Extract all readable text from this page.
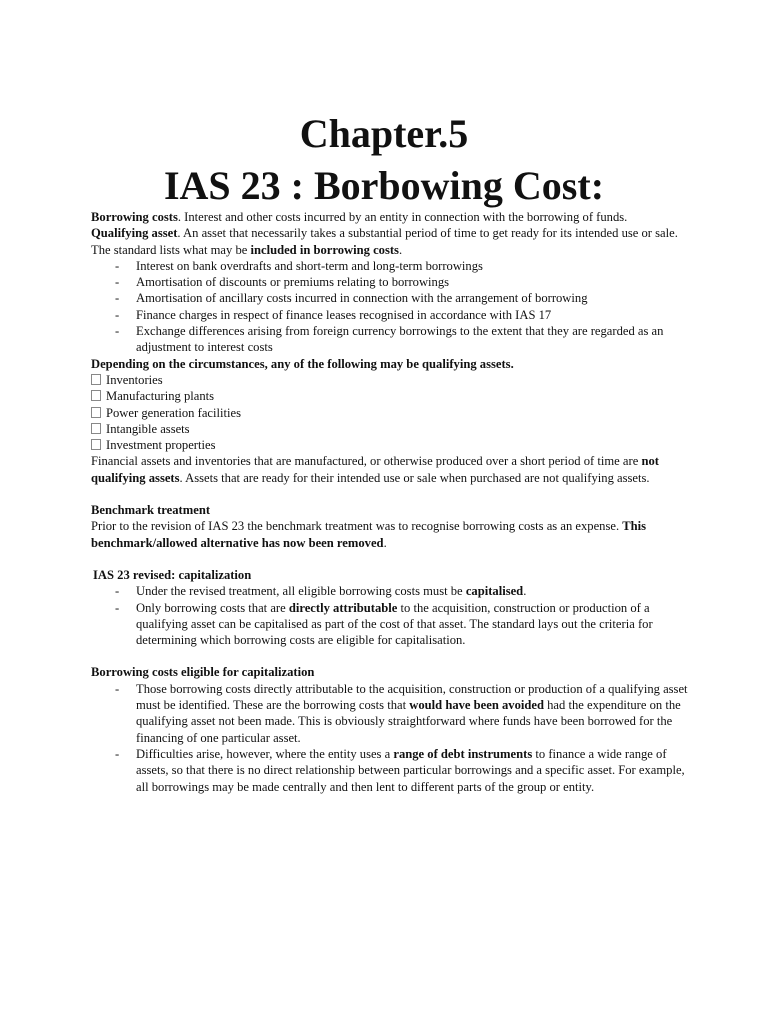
Chapter.5
IAS 23 : Borbowing Cost:

Borrowing costs. Interest and other costs incurred by an entity in connection with the borrowing of funds.

Qualifying asset. An asset that necessarily takes a substantial period of time to get ready for its intended use or sale.

The standard lists what may be included in borrowing costs.

- Interest on bank overdrafts and short-term and long-term borrowings
- Amortisation of discounts or premiums relating to borrowings
- Amortisation of ancillary costs incurred in connection with the arrangement of borrowing
- Finance charges in respect of finance leases recognised in accordance with IAS 17
- Exchange differences arising from foreign currency borrowings to the extent that they are regarded as an adjustment to interest costs

Depending on the circumstances, any of the following may be qualifying assets.

Inventories
Manufacturing plants
Power generation facilities
Intangible assets
Investment properties

Financial assets and inventories that are manufactured, or otherwise produced over a short period of time are not qualifying assets. Assets that are ready for their intended use or sale when purchased are not qualifying assets.

Benchmark treatment

Prior to the revision of IAS 23 the benchmark treatment was to recognise borrowing costs as an expense. This benchmark/allowed alternative has now been removed.

IAS 23 revised: capitalization

- Under the revised treatment, all eligible borrowing costs must be capitalised.
- Only borrowing costs that are directly attributable to the acquisition, construction or production of a qualifying asset can be capitalised as part of the cost of that asset. The standard lays out the criteria for determining which borrowing costs are eligible for capitalisation.

Borrowing costs eligible for capitalization

- Those borrowing costs directly attributable to the acquisition, construction or production of a qualifying asset must be identified. These are the borrowing costs that would have been avoided had the expenditure on the qualifying asset not been made. This is obviously straightforward where funds have been borrowed for the financing of one particular asset.
- Difficulties arise, however, where the entity uses a range of debt instruments to finance a wide range of assets, so that there is no direct relationship between particular borrowings and a specific asset. For example, all borrowings may be made centrally and then lent to different parts of the group or entity.
